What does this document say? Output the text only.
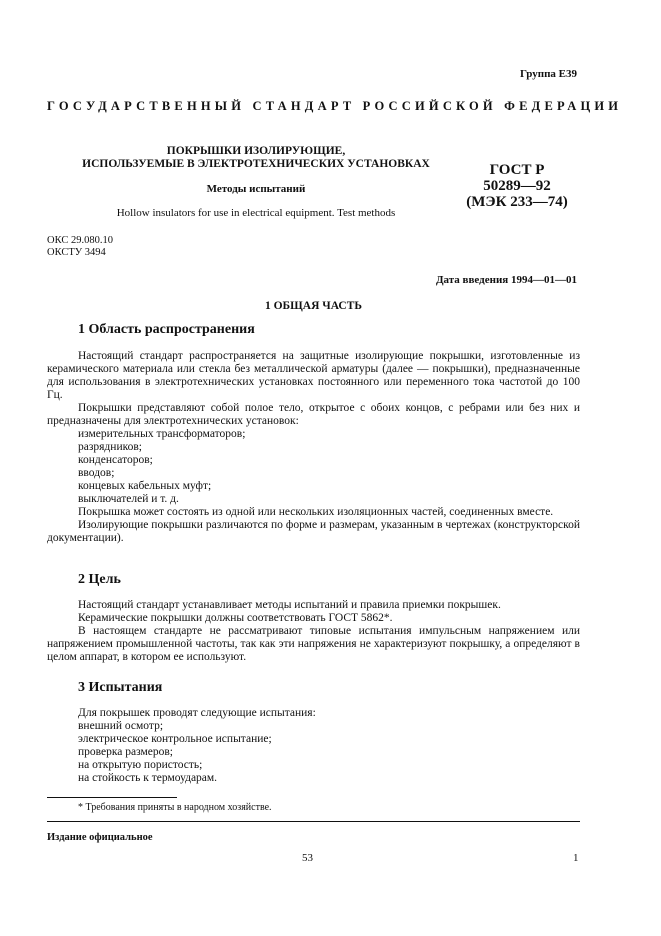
Группа Е39
ГОСУДАРСТВЕННЫЙ СТАНДАРТ РОССИЙСКОЙ ФЕДЕРАЦИИ
ПОКРЫШКИ ИЗОЛИРУЮЩИЕ,
ИСПОЛЬЗУЕМЫЕ В ЭЛЕКТРОТЕХНИЧЕСКИХ УСТАНОВКАХ
Методы испытаний
Hollow insulators for use in electrical equipment. Test methods
ГОСТ Р
50289—92
(МЭК 233—74)
ОКС 29.080.10
ОКСТУ 3494
Дата введения 1994—01—01
1 ОБЩАЯ ЧАСТЬ
1 Область распространения

Настоящий стандарт распространяется на защитные изолирующие покрышки, изготовленные из керамического материала или стекла без металлической арматуры (далее — покрышки), предназначенные для использования в электротехнических установках постоянного или переменного тока частотой до 100 Гц.

Покрышки представляют собой полое тело, открытое с обоих концов, с ребрами или без них и предназначены для электротехнических установок:

измерительных трансформаторов;

разрядников;

конденсаторов;

вводов;

концевых кабельных муфт;

выключателей и т. д.

Покрышка может состоять из одной или нескольких изоляционных частей, соединенных вместе.

Изолирующие покрышки различаются по форме и размерам, указанным в чертежах (конструкторской документации).

2 Цель

Настоящий стандарт устанавливает методы испытаний и правила приемки покрышек.

Керамические покрышки должны соответствовать ГОСТ 5862*.

В настоящем стандарте не рассматривают типовые испытания импульсным напряжением или напряжением промышленной частоты, так как эти напряжения не характеризуют покрышку, а определяют в целом аппарат, в котором ее используют.

3 Испытания

Для покрышек проводят следующие испытания:

внешний осмотр;

электрическое контрольное испытание;

проверка размеров;

на открытую пористость;

на стойкость к термоударам.

* Требования приняты в народном хозяйстве.
Издание официальное
53	1
